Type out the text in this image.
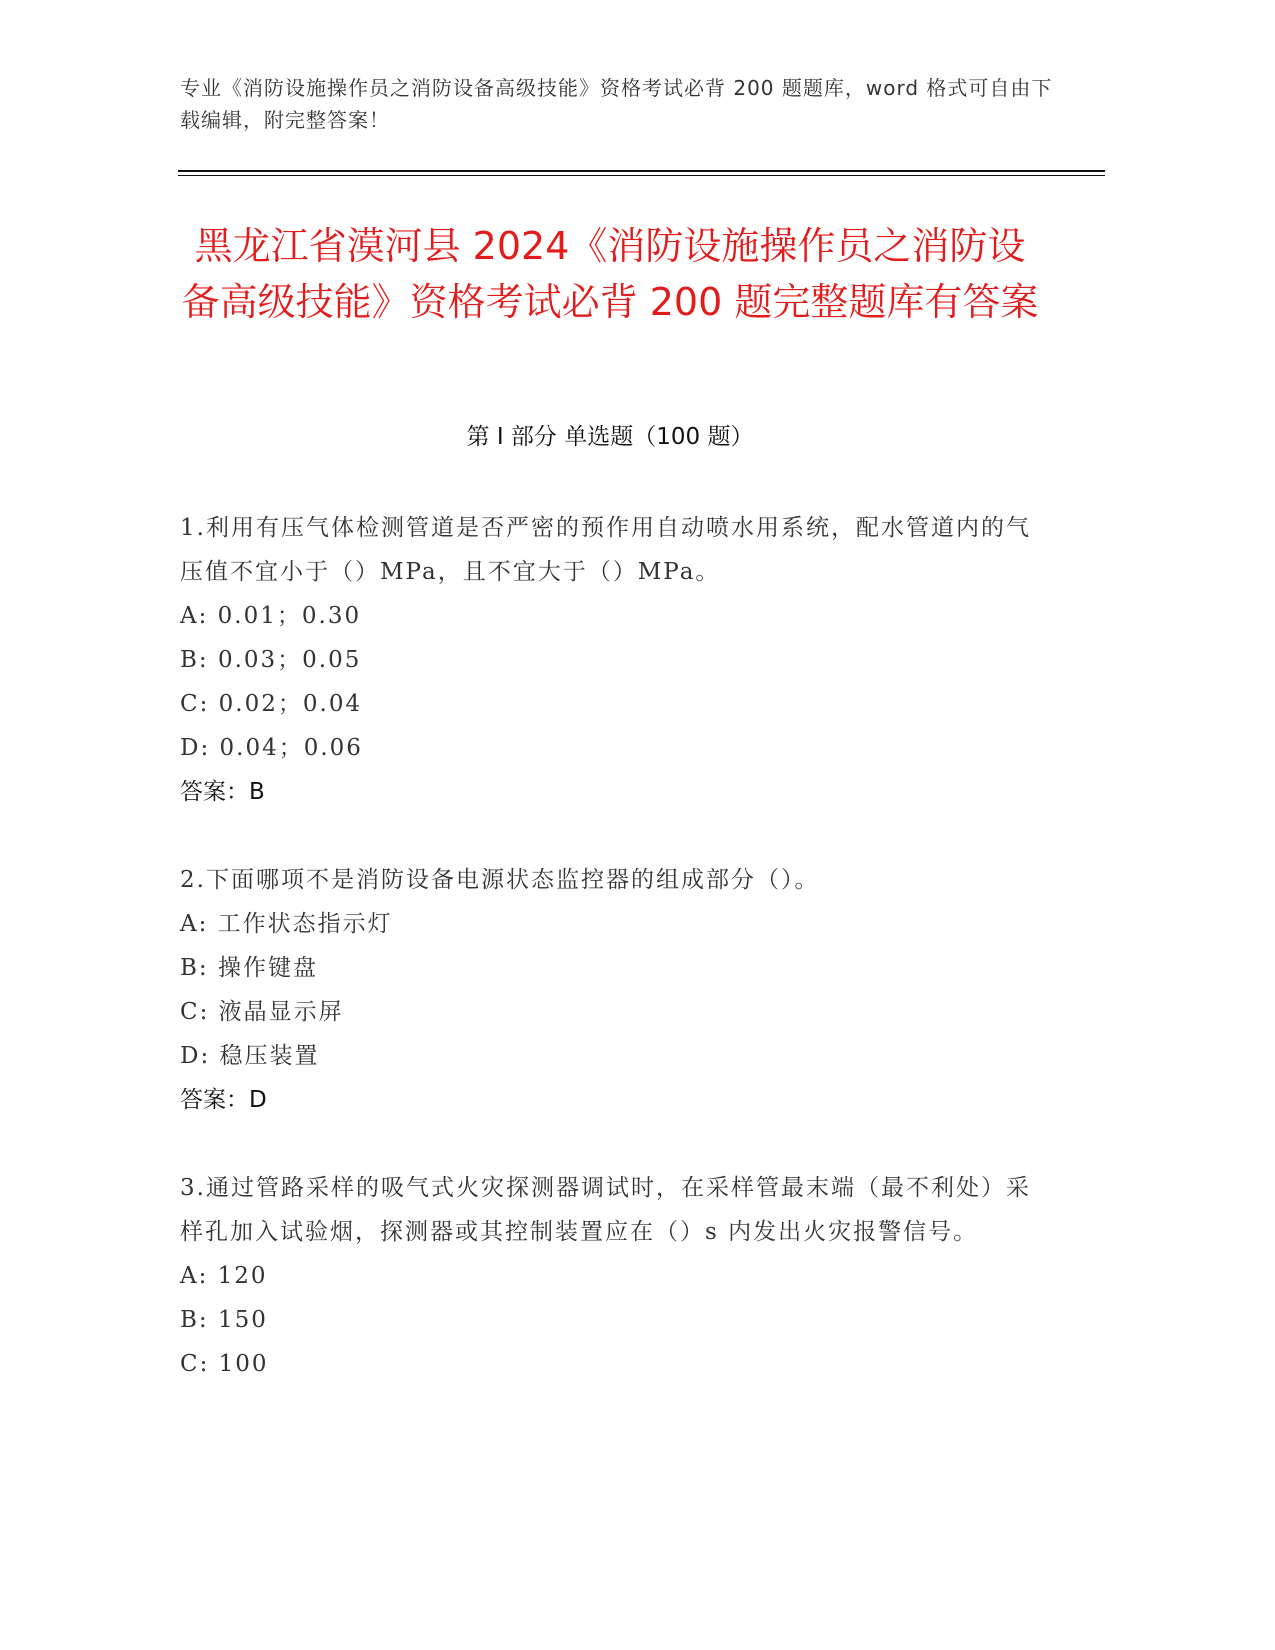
专业《消防设施操作员之消防设备高级技能》资格考试必背 200 题题库，word 格式可自由下载编辑，附完整答案！
黑龙江省漠河县 2024《消防设施操作员之消防设备高级技能》资格考试必背 200 题完整题库有答案
第 I 部分 单选题（100 题）

1.利用有压气体检测管道是否严密的预作用自动喷水用系统，配水管道内的气压值不宜小于（）MPa，且不宜大于（）MPa。

A: 0.01；0.30

B: 0.03；0.05

C: 0.02；0.04

D: 0.04；0.06

答案：B

2.下面哪项不是消防设备电源状态监控器的组成部分（）。

A: 工作状态指示灯

B: 操作键盘

C: 液晶显示屏

D: 稳压装置

答案：D

3.通过管路采样的吸气式火灾探测器调试时，在采样管最末端（最不利处）采样孔加入试验烟，探测器或其控制装置应在（）s 内发出火灾报警信号。

A: 120

B: 150

C: 100
